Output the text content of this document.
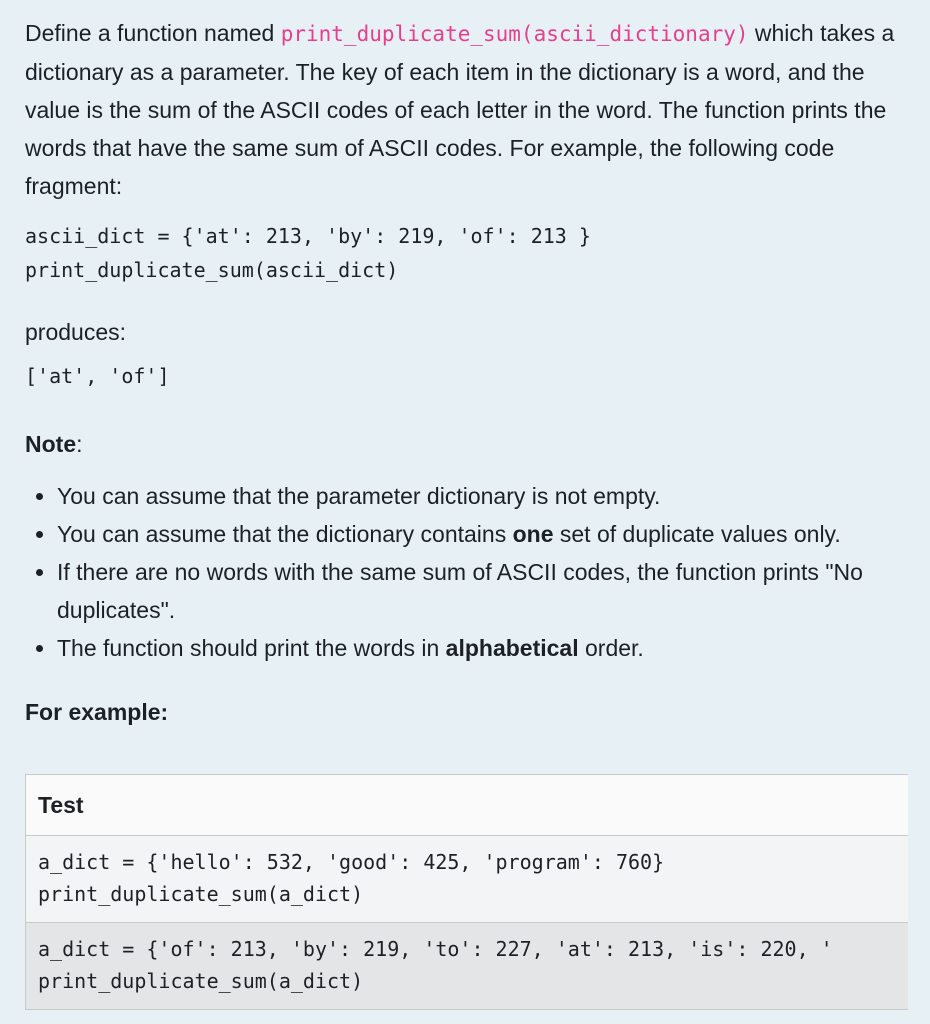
Define a function named print_duplicate_sum(ascii_dictionary) which takes a dictionary as a parameter. The key of each item in the dictionary is a word, and the value is the sum of the ASCII codes of each letter in the word. The function prints the words that have the same sum of ASCII codes. For example, the following code fragment:

ascii_dict = {'at': 213, 'by': 219, 'of': 213 }
print_duplicate_sum(ascii_dict)

produces:

['at', 'of']

Note:

• You can assume that the parameter dictionary is not empty.
• You can assume that the dictionary contains one set of duplicate values only.
• If there are no words with the same sum of ASCII codes, the function prints "No duplicates".
• The function should print the words in alphabetical order.

For example:

Test

a_dict = {'hello': 532, 'good': 425, 'program': 760}
print_duplicate_sum(a_dict)

a_dict = {'of': 213, 'by': 219, 'to': 227, 'at': 213, 'is': 220, '
print_duplicate_sum(a_dict)
